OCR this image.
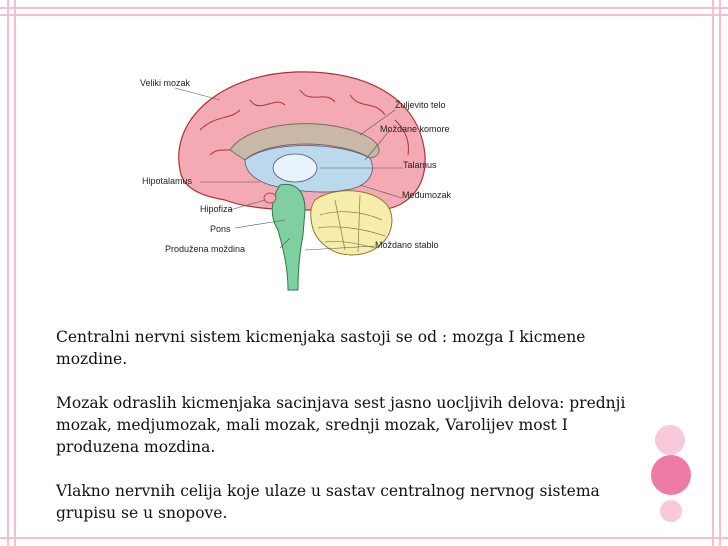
Veliki mozak
Žuljevito telo
Moždane komore
Talamus
Međumozak
Hipotalamus
Hipofiza
Pons
Produžena moždina	Moždano stablo

Centralni nervni sistem kicmenjaka sastoji se od : mozga I kicmene mozdine.

Mozak odraslih kicmenjaka sacinjava sest jasno uocljivih delova: prednji mozak, medjumozak, mali mozak, srednji mozak, Varolijev most I produzena mozdina.

Vlakno nervnih celija koje ulaze u sastav centralnog nervnog sistema grupisu se u snopove.
